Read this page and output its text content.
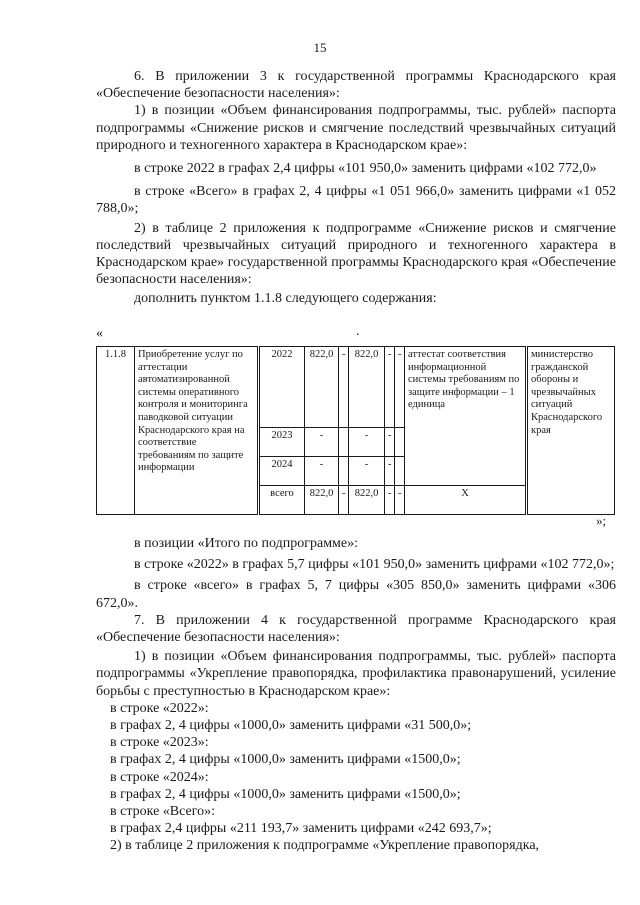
15

6. В приложении 3 к государственной программы Краснодарского края «Обеспечение безопасности населения»:

1) в позиции «Объем финансирования подпрограммы, тыс. рублей» паспорта подпрограммы «Снижение рисков и смягчение последствий чрезвычайных ситуаций природного и техногенного характера в Краснодарском крае»:

в строке 2022 в графах 2,4 цифры «101 950,0» заменить цифрами «102 772,0»

в строке «Всего» в графах 2, 4 цифры «1 051 966,0» заменить цифрами «1 052 788,0»;

2) в таблице 2 приложения к подпрограмме «Снижение рисков и смягчение последствий чрезвычайных ситуаций природного и техногенного характера в Краснодарском крае» государственной программы Краснодарского края «Обеспечение безопасности населения»:

дополнить пунктом 1.1.8 следующего содержания:

«	.
1.1.8	Приобретение услуг по аттестации автоматизированной системы оперативного контроля и мониторинга паводковой ситуации Краснодарского края на соответствие требованиям по защите информации	2022	822,0	-	822,0	-	-	аттестат соответствия информационной системы требованиям по защите информации – 1 единица	министерство гражданской обороны и чрезвычайных ситуаций Краснодарского края
		2023	-		-	-			
		2024	-		-	-			
		всего	822,0	-	822,0	-	-	X	
»;

в позиции «Итого по подпрограмме»:

в строке «2022» в графах 5,7 цифры «101 950,0» заменить цифрами «102 772,0»;

в строке «всего» в графах 5, 7 цифры «305 850,0» заменить цифрами «306 672,0».

7. В приложении 4 к государственной программе Краснодарского края «Обеспечение безопасности населения»:

1) в позиции «Объем финансирования подпрограммы, тыс. рублей» паспорта подпрограммы «Укрепление правопорядка, профилактика правонарушений, усиление борьбы с преступностью в Краснодарском крае»:

в строке «2022»:

в графах 2, 4 цифры «1000,0» заменить цифрами «31 500,0»;

в строке «2023»:

в графах 2, 4 цифры «1000,0» заменить цифрами «1500,0»;

в строке «2024»:

в графах 2, 4 цифры «1000,0» заменить цифрами «1500,0»;

в строке «Всего»:

в графах 2,4 цифры «211 193,7» заменить цифрами «242 693,7»;

2) в таблице 2 приложения к подпрограмме «Укрепление правопорядка,
